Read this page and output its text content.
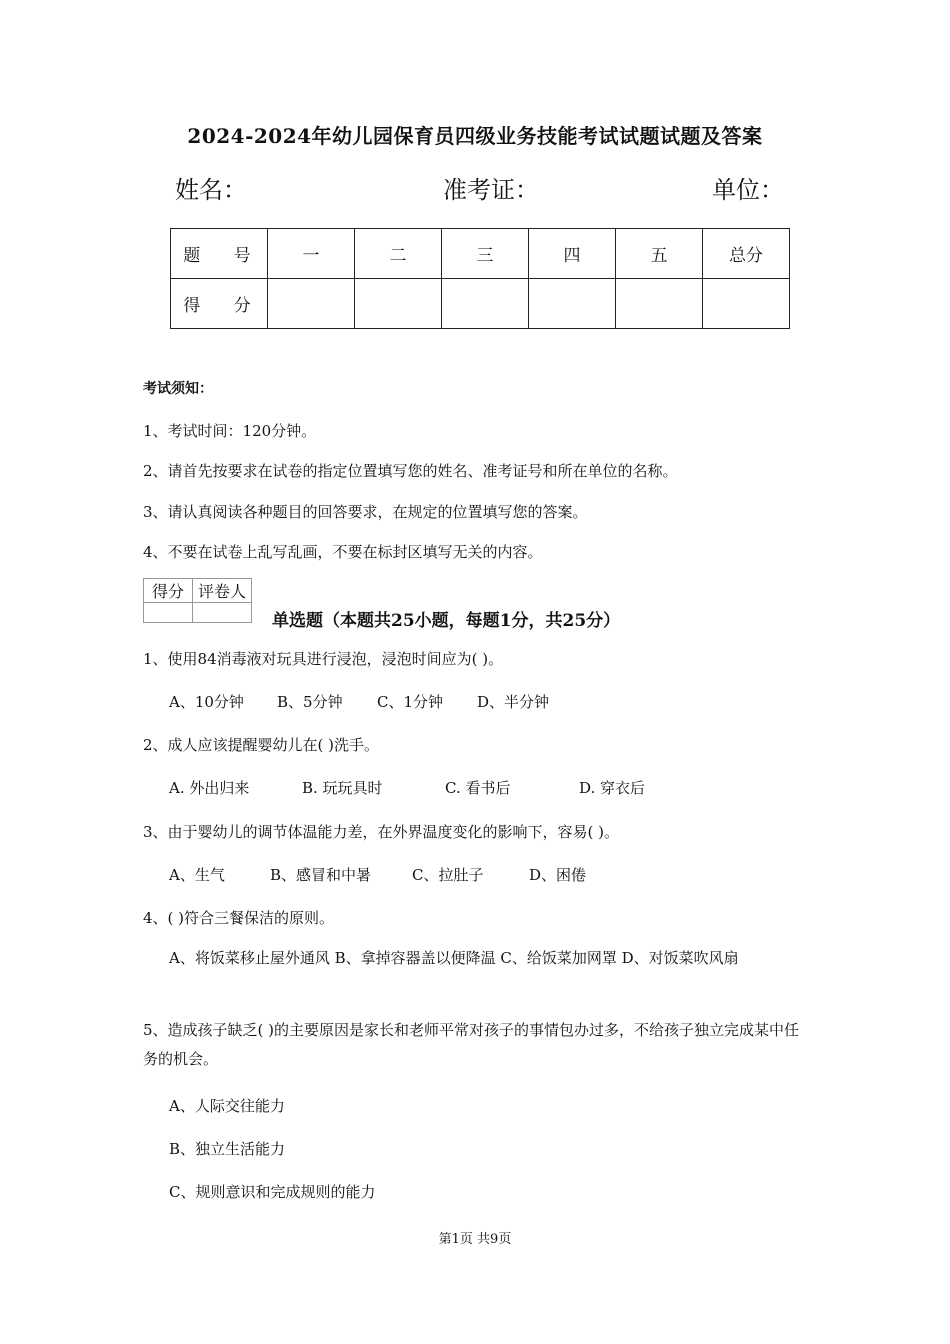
2024-2024年幼儿园保育员四级业务技能考试试题试题及答案
姓名：	准考证：	单位：
题 号	一	二	三	四	五	总分
得 分						
考试须知：
1、考试时间：120分钟。
2、请首先按要求在试卷的指定位置填写您的姓名、准考证号和所在单位的名称。
3、请认真阅读各种题目的回答要求，在规定的位置填写您的答案。
4、不要在试卷上乱写乱画，不要在标封区填写无关的内容。
得分	评卷人

单选题（本题共25小题，每题1分，共25分）
1、使用84消毒液对玩具进行浸泡，浸泡时间应为( )。
A、10分钟 B、5分钟 C、1分钟 D、半分钟
2、成人应该提醒婴幼儿在( )洗手。
A. 外出归来	B. 玩玩具时	C. 看书后	D. 穿衣后
3、由于婴幼儿的调节体温能力差，在外界温度变化的影响下，容易( )。
A、生气	B、感冒和中暑	C、拉肚子	D、困倦
4、( )符合三餐保洁的原则。
A、将饭菜移止屋外通风 B、拿掉容器盖以便降温 C、给饭菜加网罩 D、对饭菜吹风扇
5、造成孩子缺乏( )的主要原因是家长和老师平常对孩子的事情包办过多，不给孩子独立完成某中任务的机会。
A、人际交往能力
B、独立生活能力
C、规则意识和完成规则的能力
第1页 共9页
